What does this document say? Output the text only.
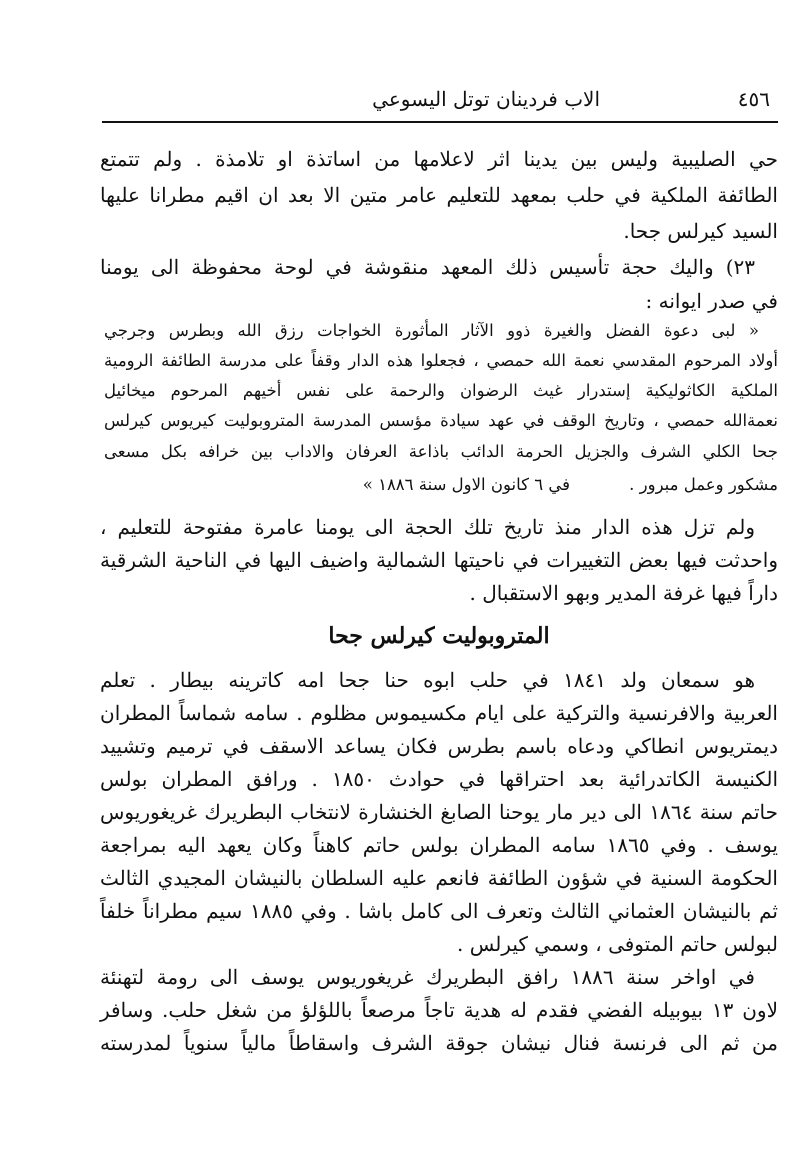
٤٥٦
الاب فردينان توتل اليسوعي
حي الصليبية وليس بين يدينا اثر لاعلامها من اساتذة او تلامذة . ولم تتمتع
الطائفة الملكية في حلب بمعهد للتعليم عامر متين الا بعد ان اقيم مطرانا عليها
السيد كيرلس جحا.
٢٣) واليك حجة تأسيس ذلك المعهد منقوشة في لوحة محفوظة الى يومنا
في صدر ايوانه :
« لبى دعوة الفضل والغيرة ذوو الآثار المأثورة الخواجات رزق الله وبطرس وجرجي
أولاد المرحوم المقدسي نعمة الله حمصي ، فجعلوا هذه الدار وقفاً على مدرسة الطائفة الرومية
الملكية الكاثوليكية إستدرار غيث الرضوان والرحمة على نفس أخيهم المرحوم ميخائيل
نعمةالله حمصي ، وتاريخ الوقف في عهد سيادة مؤسس المدرسة المتروبوليت كيريوس كيرلس
جحا الكلي الشرف والجزيل الحرمة الدائب باذاعة العرفان والاداب بين خرافه بكل مسعى
مشكور وعمل مبرور .
في ٦ كانون الاول سنة ١٨٨٦ »
ولم تزل هذه الدار منذ تاريخ تلك الحجة الى يومنا عامرة مفتوحة للتعليم ،
واحدثت فيها بعض التغييرات في ناحيتها الشمالية واضيف اليها في الناحية الشرقية
داراً فيها غرفة المدير وبهو الاستقبال .
المتروبوليت كيرلس جحا
هو سمعان ولد ١٨٤١ في حلب ابوه حنا جحا امه كاترينه بيطار . تعلم
العربية والافرنسية والتركية على ايام مكسيموس مظلوم . سامه شماساً المطران
ديمتريوس انطاكي ودعاه باسم بطرس فكان يساعد الاسقف في ترميم وتشييد
الكنيسة الكاتدرائية بعد احتراقها في حوادث ١٨٥٠ . ورافق المطران بولس
حاتم سنة ١٨٦٤ الى دير مار يوحنا الصابغ الخنشارة لانتخاب البطريرك غريغوريوس
يوسف . وفي ١٨٦٥ سامه المطران بولس حاتم كاهناً وكان يعهد اليه بمراجعة
الحكومة السنية في شؤون الطائفة فانعم عليه السلطان بالنيشان المجيدي الثالث
ثم بالنيشان العثماني الثالث وتعرف الى كامل باشا . وفي ١٨٨٥ سيم مطراناً خلفاً
لبولس حاتم المتوفى ، وسمي كيرلس .
في اواخر سنة ١٨٨٦ رافق البطريرك غريغوريوس يوسف الى رومة لتهنئة
لاون ١٣ بيوبيله الفضي فقدم له هدية تاجاً مرصعاً باللؤلؤ من شغل حلب. وسافر
من ثم الى فرنسة فنال نيشان جوقة الشرف واسقاطاً مالياً سنوياً لمدرسته
